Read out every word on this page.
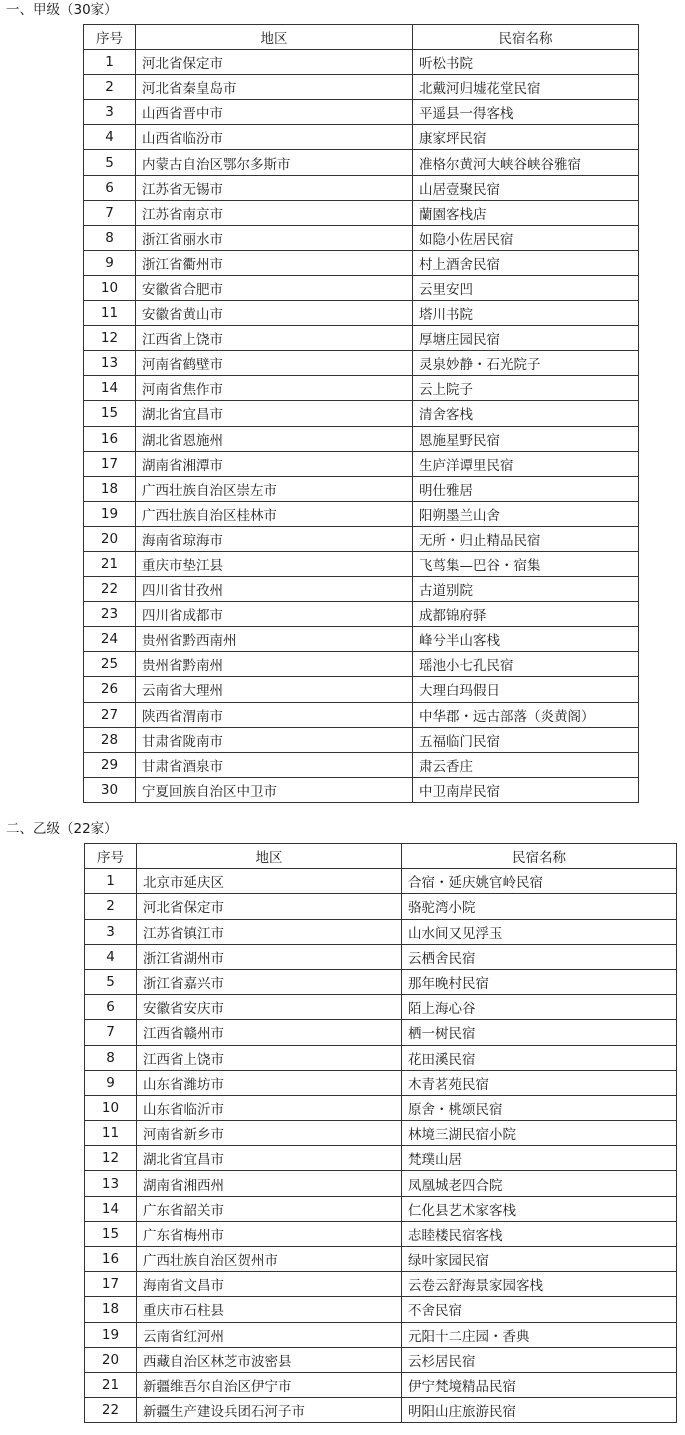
一、甲级（30家）
序号	地区	民宿名称
1	河北省保定市	听松书院
2	河北省秦皇岛市	北戴河归墟花堂民宿
3	山西省晋中市	平遥县一得客栈
4	山西省临汾市	康家坪民宿
5	内蒙古自治区鄂尔多斯市	准格尔黄河大峡谷峡谷雅宿
6	江苏省无锡市	山居壹聚民宿
7	江苏省南京市	蘭園客栈店
8	浙江省丽水市	如隐小佐居民宿
9	浙江省衢州市	村上酒舍民宿
10	安徽省合肥市	云里安凹
11	安徽省黄山市	塔川书院
12	江西省上饶市	厚塘庄园民宿
13	河南省鹤壁市	灵泉妙静・石光院子
14	河南省焦作市	云上院子
15	湖北省宜昌市	清舍客栈
16	湖北省恩施州	恩施星野民宿
17	湖南省湘潭市	生庐洋谭里民宿
18	广西壮族自治区崇左市	明仕雅居
19	广西壮族自治区桂林市	阳朔墨兰山舍
20	海南省琼海市	无所・归止精品民宿
21	重庆市垫江县	飞茑集—巴谷・宿集
22	四川省甘孜州	古道别院
23	四川省成都市	成都锦府驿
24	贵州省黔西南州	峰兮半山客栈
25	贵州省黔南州	瑶池小七孔民宿
26	云南省大理州	大理白玛假日
27	陕西省渭南市	中华郡・远古部落（炎黄阁）
28	甘肃省陇南市	五福临门民宿
29	甘肃省酒泉市	肃云香庄
30	宁夏回族自治区中卫市	中卫南岸民宿
二、乙级（22家）
序号	地区	民宿名称
1	北京市延庆区	合宿・延庆姚官岭民宿
2	河北省保定市	骆驼湾小院
3	江苏省镇江市	山水间又见浮玉
4	浙江省湖州市	云栖舍民宿
5	浙江省嘉兴市	那年晚村民宿
6	安徽省安庆市	陌上海心谷
7	江西省赣州市	栖一树民宿
8	江西省上饶市	花田溪民宿
9	山东省潍坊市	木青茗苑民宿
10	山东省临沂市	原舍・桃颂民宿
11	河南省新乡市	林境三湖民宿小院
12	湖北省宜昌市	梵璞山居
13	湖南省湘西州	凤凰城老四合院
14	广东省韶关市	仁化县艺术家客栈
15	广东省梅州市	志睦楼民宿客栈
16	广西壮族自治区贺州市	绿叶家园民宿
17	海南省文昌市	云卷云舒海景家园客栈
18	重庆市石柱县	不舍民宿
19	云南省红河州	元阳十二庄园・香典
20	西藏自治区林芝市波密县	云杉居民宿
21	新疆维吾尔自治区伊宁市	伊宁梵境精品民宿
22	新疆生产建设兵团石河子市	明阳山庄旅游民宿
